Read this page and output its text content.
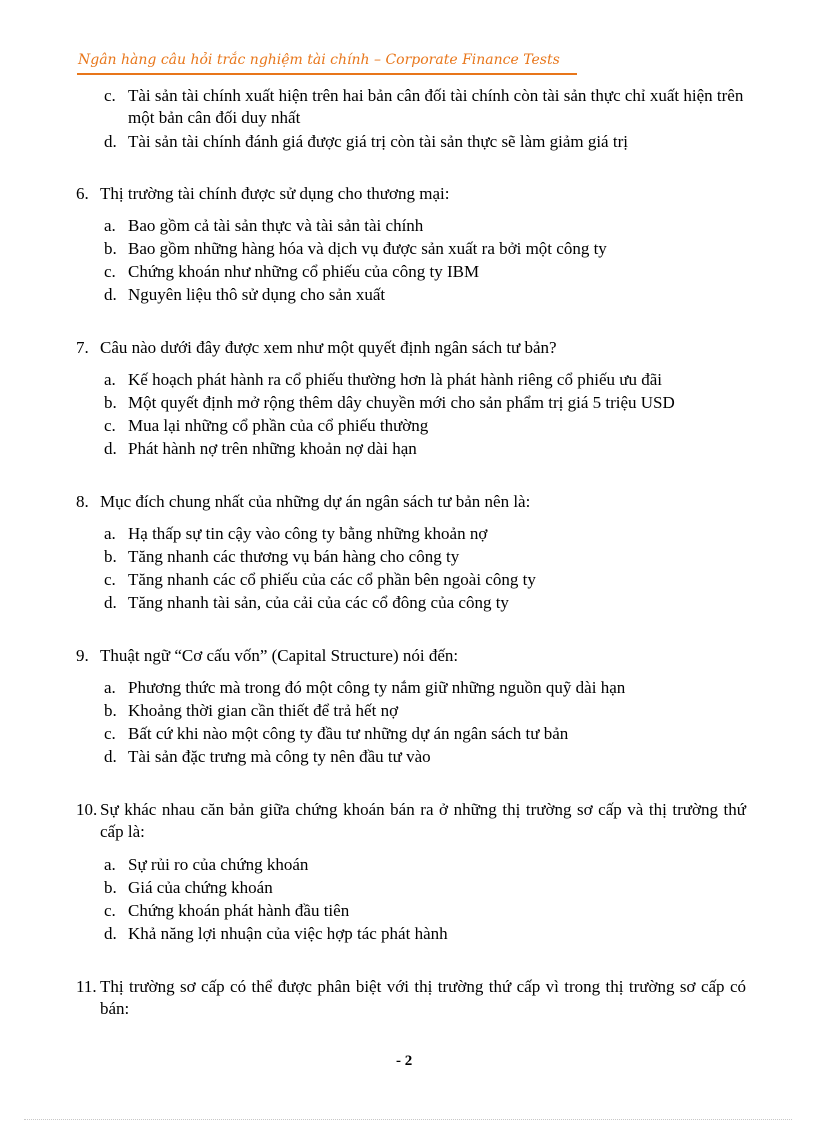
Ngân hàng câu hỏi trắc nghiệm tài chính – Corporate Finance Tests
c. Tài sản tài chính xuất hiện trên hai bản cân đối tài chính còn tài sản thực chỉ xuất hiện trên một bản cân đối duy nhất
d. Tài sản tài chính đánh giá được giá trị còn tài sản thực sẽ làm giảm giá trị
6. Thị trường tài chính được sử dụng cho thương mại:
a. Bao gồm cả tài sản thực và tài sản tài chính
b. Bao gồm những hàng hóa và dịch vụ được sản xuất ra bởi một công ty
c. Chứng khoán như những cổ phiếu của công ty IBM
d. Nguyên liệu thô sử dụng cho sản xuất
7. Câu nào dưới đây được xem như một quyết định ngân sách tư bản?
a. Kế hoạch phát hành ra cổ phiếu thường hơn là phát hành riêng cổ phiếu ưu đãi
b. Một quyết định mở rộng thêm dây chuyền mới cho sản phẩm trị giá 5 triệu USD
c. Mua lại những cổ phần của cổ phiếu thường
d. Phát hành nợ trên những khoản nợ dài hạn
8. Mục đích chung nhất của những dự án ngân sách tư bản nên là:
a. Hạ thấp sự tin cậy vào công ty bằng những khoản nợ
b. Tăng nhanh các thương vụ bán hàng cho công ty
c. Tăng nhanh các cổ phiếu của các cổ phần bên ngoài công ty
d. Tăng nhanh tài sản, của cải của các cổ đông của công ty
9. Thuật ngữ “Cơ cấu vốn” (Capital Structure) nói đến:
a. Phương thức mà trong đó một công ty nắm giữ những nguồn quỹ dài hạn
b. Khoảng thời gian cần thiết để trả hết nợ
c. Bất cứ khi nào một công ty đầu tư những dự án ngân sách tư bản
d. Tài sản đặc trưng mà công ty nên đầu tư vào
10. Sự khác nhau căn bản giữa chứng khoán bán ra ở những thị trường sơ cấp và thị trường thứ cấp là:
a. Sự rủi ro của chứng khoán
b. Giá của chứng khoán
c. Chứng khoán phát hành đầu tiên
d. Khả năng lợi nhuận của việc hợp tác phát hành
11. Thị trường sơ cấp có thể được phân biệt với thị trường thứ cấp vì trong thị trường sơ cấp có bán:
- 2
